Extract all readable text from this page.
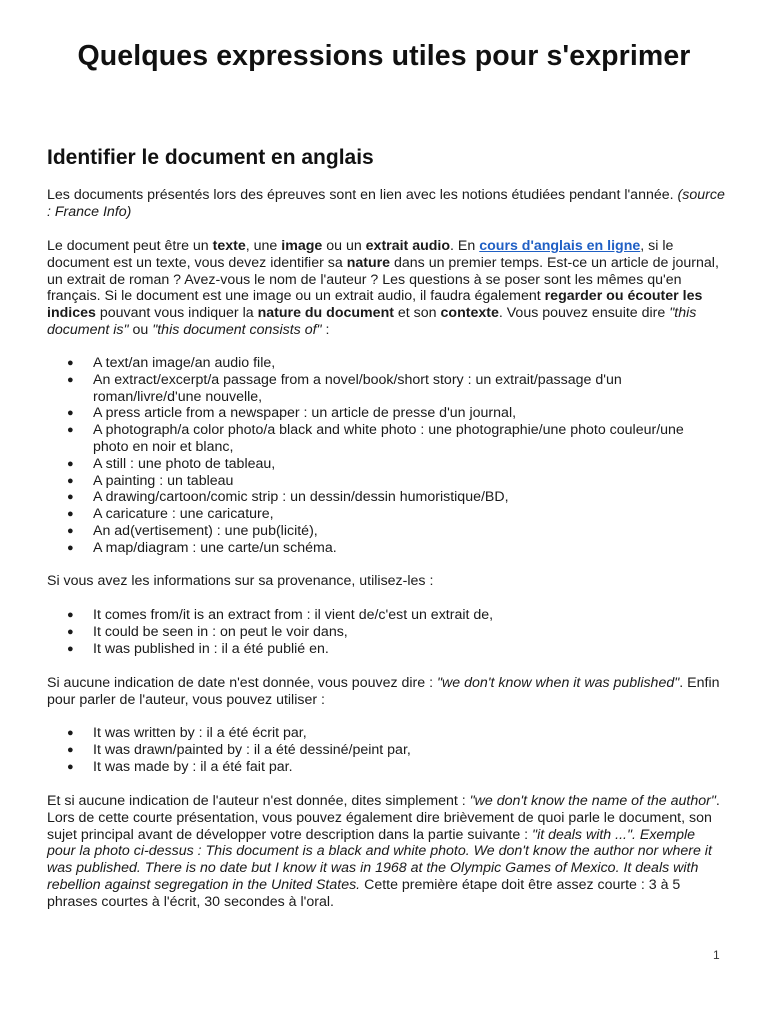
Quelques expressions utiles pour s'exprimer
Identifier le document en anglais

Les documents présentés lors des épreuves sont en lien avec les notions étudiées pendant l'année. (source : France Info)

Le document peut être un texte, une image ou un extrait audio. En cours d'anglais en ligne, si le document est un texte, vous devez identifier sa nature dans un premier temps. Est-ce un article de journal, un extrait de roman ? Avez-vous le nom de l'auteur ? Les questions à se poser sont les mêmes qu'en français. Si le document est une image ou un extrait audio, il faudra également regarder ou écouter les indices pouvant vous indiquer la nature du document et son contexte. Vous pouvez ensuite dire "this document is" ou "this document consists of" :

● A text/an image/an audio file,
● An extract/excerpt/a passage from a novel/book/short story : un extrait/passage d'un roman/livre/d'une nouvelle,
● A press article from a newspaper : un article de presse d'un journal,
● A photograph/a color photo/a black and white photo : une photographie/une photo couleur/une photo en noir et blanc,
● A still : une photo de tableau,
● A painting : un tableau
● A drawing/cartoon/comic strip : un dessin/dessin humoristique/BD,
● A caricature : une caricature,
● An ad(vertisement) : une pub(licité),
● A map/diagram : une carte/un schéma.

Si vous avez les informations sur sa provenance, utilisez-les :

● It comes from/it is an extract from : il vient de/c'est un extrait de,
● It could be seen in : on peut le voir dans,
● It was published in : il a été publié en.

Si aucune indication de date n'est donnée, vous pouvez dire : "we don't know when it was published". Enfin pour parler de l'auteur, vous pouvez utiliser :

● It was written by : il a été écrit par,
● It was drawn/painted by : il a été dessiné/peint par,
● It was made by : il a été fait par.

Et si aucune indication de l'auteur n'est donnée, dites simplement : "we don't know the name of the author". Lors de cette courte présentation, vous pouvez également dire brièvement de quoi parle le document, son sujet principal avant de développer votre description dans la partie suivante : "it deals with ...". Exemple pour la photo ci-dessus : This document is a black and white photo. We don't know the author nor where it was published. There is no date but I know it was in 1968 at the Olympic Games of Mexico. It deals with rebellion against segregation in the United States. Cette première étape doit être assez courte : 3 à 5 phrases courtes à l'écrit, 30 secondes à l'oral.

1
